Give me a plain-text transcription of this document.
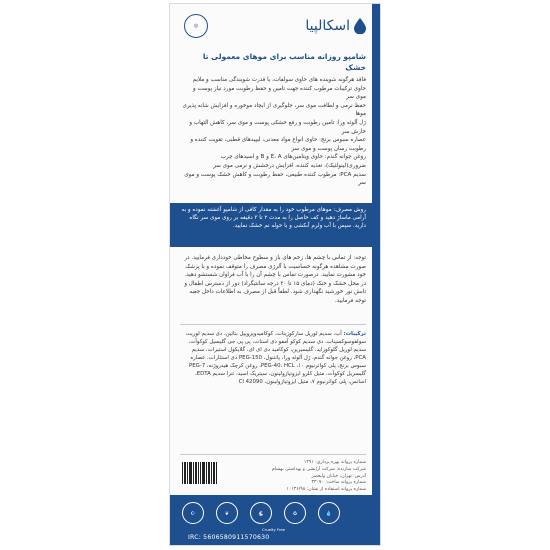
اسکالپیا
◎
شامپو روزانه مناسب برای موهای معمولی تا خشک
فاقد هرگونه شوینده های حاوی سولفات، با قدرت شویندگی مناسب و ملایم
حاوی ترکیبات مرطوب کننده جهت تامین و حفظ رطوبت مورد نیاز پوست و موی سر
حفظ نرمی و لطافت موی سر، جلوگیری از ایجاد موخوره و افزایش شانه پذیری موها
ژل آلوئه ورا: تامین رطوبت و رفع خشکی پوست و موی سر، کاهش التهاب و خارش سر
عصاره سبوس برنج: حاوی انواع مواد معدنی، لیپیدهای قطبی، تقویت کننده و رطوبت رسان پوست و موی سر
روغن جوانه گندم: حاوی ویتامین‌های E، A و B و اسیدهای چرب ضروری(لینولئیک)، تغذیه کننده، افزایش درخشش و نرمی موی سر
سدیم PCA: مرطوب کننده طبیعی، حفظ رطوبت و کاهش خشک پوست و موی سر
روش مصرف: موهای مرطوب خود را به مقدار کافی از شامپو آغشته نموده و به آرامی ماساژ دهید و کف حاصل را به مدت ۲ تا ۳ دقیقه بر روی موی سر نگاه دارید. سپس با آب ولرم آبکشی و با حوله نم خشک نمایید.
توجه: از تماس با چشم ها، زخم های باز و سطوح مخاطی خودداری فرمایید. در صورت مشاهده هرگونه حساسیت یا آلرژی مصرف را متوقف نموده و با پزشک خود مشورت نمایید. درصورت تماس با چشم آن را با آب فراوان شستشو دهید. در محل خشک و خنک (دمای ۱۵ تا ۳۰ درجه سانتیگراد) دور از دسترس اطفال و تابش نور خورشید نگهداری شود. لطفاً قبل از مصرف به اطلاعات داخل جعبه توجه فرمایید.
ترکیبات: آب، سدیم لوریل سارکوزینات، کوکامیدوپروپیل بتائین، دی سدیم لوریت سولفوسوکسینات، دی سدیم کوکو آمفو دی استات، پی پی جی گلیسیل کوکوآت، سدیم لوریل گلوکوزاید، گلیسیرین، کوکامید دی ای ای، گلایکول استیرات، سدیم PCA، روغن جوانه گندم، ژل آلوئه ورا، پانتنول، PEG-150 دی استئارات، عصاره سبوس برنج، پلی کواترنیوم ۱۰، PEG-40، HCL، روغن کرچک هیدروژنه، PEG-7 گلیسریل کوکوآت، متیل کلرو ایزوتیازولینون، سیتریک اسید، تترا سدیم EDTA، اسانس، پلی کواترنیوم ۷، متیل ایزوتیازولینون، CI 42090
شماره پروانه بهره برداری: ۱۳۹۱
شرکت سازنده: شرکت آرایشی و بهداشتی بهسام
آدرس: تهران، خیابان ولیعصر
شماره پروانه ساخت: ۳۳۰۷۰
شماره پروانه استفاده از نشان: ۱۰۱۳۶/۹۸
☪	❦	🐇	♻	💧
Cruelty Free
IRC: 5606580911570630
